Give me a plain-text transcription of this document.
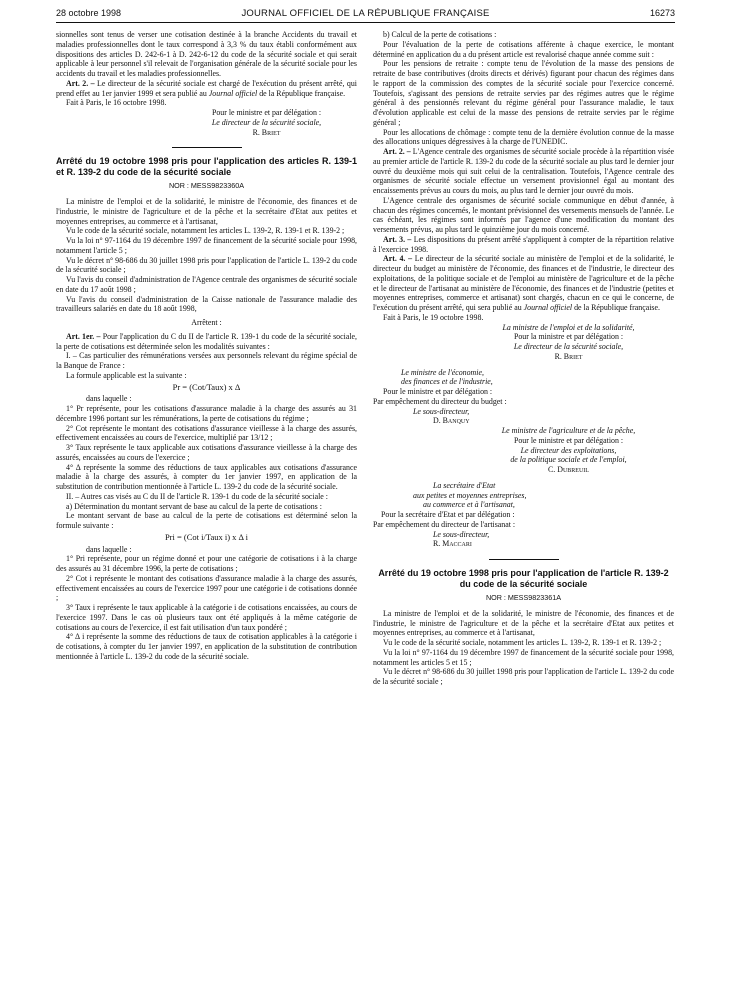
28 octobre 1998	JOURNAL OFFICIEL DE LA RÉPUBLIQUE FRANÇAISE	16273

sionnelles sont tenus de verser une cotisation destinée à la branche Accidents du travail et maladies professionnelles dont le taux correspond à 3,3 % du taux établi conformément aux dispositions des articles D. 242-6-1 à D. 242-6-12 du code de la sécurité sociale et qui serait applicable à leur personnel s'il relevait de l'organisation générale de la sécurité sociale pour les accidents du travail et les maladies professionnelles.

Art. 2. – Le directeur de la sécurité sociale est chargé de l'exécution du présent arrêté, qui prend effet au 1er janvier 1999 et sera publié au Journal officiel de la République française.

Fait à Paris, le 16 octobre 1998.

Pour le ministre et par délégation :
Le directeur de la sécurité sociale,
R. Briet
Arrêté du 19 octobre 1998 pris pour l'application des articles R. 139-1 et R. 139-2 du code de la sécurité sociale
NOR : MESS9823360A

La ministre de l'emploi et de la solidarité, le ministre de l'économie, des finances et de l'industrie, le ministre de l'agriculture et de la pêche et la secrétaire d'Etat aux petites et moyennes entreprises, au commerce et à l'artisanat,

Vu le code de la sécurité sociale, notamment les articles L. 139-2, R. 139-1 et R. 139-2 ;

Vu la loi n° 97-1164 du 19 décembre 1997 de financement de la sécurité sociale pour 1998, notamment l'article 5 ;

Vu le décret n° 98-686 du 30 juillet 1998 pris pour l'application de l'article L. 139-2 du code de la sécurité sociale ;

Vu l'avis du conseil d'administration de l'Agence centrale des organismes de sécurité sociale en date du 17 août 1998 ;

Vu l'avis du conseil d'administration de la Caisse nationale de l'assurance maladie des travailleurs salariés en date du 18 août 1998,

Arrêtent :

Art. 1er. – Pour l'application du C du II de l'article R. 139-1 du code de la sécurité sociale, la perte de cotisations est déterminée selon les modalités suivantes :

I. – Cas particulier des rémunérations versées aux personnels relevant du régime spécial de la Banque de France :

La formule applicable est la suivante :

Pr = (Cot/Taux) x Δ

dans laquelle :

1° Pr représente, pour les cotisations d'assurance maladie à la charge des assurés au 31 décembre 1996 portant sur les rémunérations, la perte de cotisations du régime ;

2° Cot représente le montant des cotisations d'assurance vieillesse à la charge des assurés, effectivement encaissées au cours de l'exercice, multiplié par 13/12 ;

3° Taux représente le taux applicable aux cotisations d'assurance vieillesse à la charge des assurés, encaissées au cours de l'exercice ;

4° Δ représente la somme des réductions de taux applicables aux cotisations d'assurance maladie à la charge des assurés, à compter du 1er janvier 1997, en application de la substitution de contribution mentionnée à l'article L. 139-2 du code de la sécurité sociale.

II. – Autres cas visés au C du II de l'article R. 139-1 du code de la sécurité sociale :

a) Détermination du montant servant de base au calcul de la perte de cotisations :

Le montant servant de base au calcul de la perte de cotisations est déterminé selon la formule suivante :

Pri = (Cot i/Taux i) x Δ i

dans laquelle :

1° Pri représente, pour un régime donné et pour une catégorie de cotisations i à la charge des assurés au 31 décembre 1996, la perte de cotisations ;

2° Cot i représente le montant des cotisations d'assurance maladie à la charge des assurés, effectivement encaissées au cours de l'exercice 1997 pour une catégorie i de cotisations donnée ;

3° Taux i représente le taux applicable à la catégorie i de cotisations encaissées, au cours de l'exercice 1997. Dans le cas où plusieurs taux ont été appliqués à la même catégorie de cotisations au cours de l'exercice, il est fait utilisation d'un taux pondéré ;

4° Δ i représente la somme des réductions de taux de cotisation applicables à la catégorie i de cotisations, à compter du 1er janvier 1997, en application de la substitution de contribution mentionnée à l'article L. 139-2 du code de la sécurité sociale.

b) Calcul de la perte de cotisations :

Pour l'évaluation de la perte de cotisations afférente à chaque exercice, le montant déterminé en application du a du présent article est revalorisé chaque année comme suit :

Pour les pensions de retraite : compte tenu de l'évolution de la masse des pensions de retraite de base contributives (droits directs et dérivés) figurant pour chacun des régimes dans le rapport de la commission des comptes de la sécurité sociale pour l'exercice concerné. Toutefois, s'agissant des pensions de retraite servies par des régimes autres que le régime général à des pensionnés relevant du régime général pour l'assurance maladie, le taux d'évolution applicable est celui de la masse des pensions de retraite servies par le régime général ;

Pour les allocations de chômage : compte tenu de la dernière évolution connue de la masse des allocations uniques dégressives à la charge de l'UNEDIC.

Art. 2. – L'Agence centrale des organismes de sécurité sociale procède à la répartition visée au premier article de l'article R. 139-2 du code de la sécurité sociale au plus tard le dernier jour ouvré du deuxième mois qui suit celui de la centralisation. Toutefois, l'Agence centrale des organismes de sécurité sociale effectue un versement provisionnel égal au montant des encaissements prévus au cours du mois, au plus tard le dernier jour ouvré du mois.

L'Agence centrale des organismes de sécurité sociale communique en début d'année, à chacun des régimes concernés, le montant prévisionnel des versements mensuels de l'année. Le cas échéant, les régimes sont informés par l'agence d'une modification du montant des versements prévus, au plus tard le quinzième jour du mois concerné.

Art. 3. – Les dispositions du présent arrêté s'appliquent à compter de la répartition relative à l'exercice 1998.

Art. 4. – Le directeur de la sécurité sociale au ministère de l'emploi et de la solidarité, le directeur du budget au ministère de l'économie, des finances et de l'industrie, le directeur des exploitations, de la politique sociale et de l'emploi au ministère de l'agriculture et de la pêche et le directeur de l'artisanat au ministère de l'économie, des finances et de l'industrie (petites et moyennes entreprises, commerce et artisanat) sont chargés, chacun en ce qui le concerne, de l'exécution du présent arrêté, qui sera publié au Journal officiel de la République française.

Fait à Paris, le 19 octobre 1998.

La ministre de l'emploi et de la solidarité,
Pour la ministre et par délégation :
Le directeur de la sécurité sociale,
R. Briet
Le ministre de l'économie,
des finances et de l'industrie,
Pour le ministre et par délégation :
Par empêchement du directeur du budget :
Le sous-directeur,
D. Banquy
Le ministre de l'agriculture et de la pêche,
Pour le ministre et par délégation :
Le directeur des exploitations,
de la politique sociale et de l'emploi,
C. Dubreuil
La secrétaire d'Etat
aux petites et moyennes entreprises,
au commerce et à l'artisanat,
Pour la secrétaire d'Etat et par délégation :
Par empêchement du directeur de l'artisanat :
Le sous-directeur,
R. Maccari
Arrêté du 19 octobre 1998 pris pour l'application de l'article R. 139-2 du code de la sécurité sociale
NOR : MESS9823361A

La ministre de l'emploi et de la solidarité, le ministre de l'économie, des finances et de l'industrie, le ministre de l'agriculture et de la pêche et la secrétaire d'Etat aux petites et moyennes entreprises, au commerce et à l'artisanat,

Vu le code de la sécurité sociale, notamment les articles L. 139-2, R. 139-1 et R. 139-2 ;

Vu la loi n° 97-1164 du 19 décembre 1997 de financement de la sécurité sociale pour 1998, notamment les articles 5 et 15 ;

Vu le décret n° 98-686 du 30 juillet 1998 pris pour l'application de l'article L. 139-2 du code de la sécurité sociale ;
